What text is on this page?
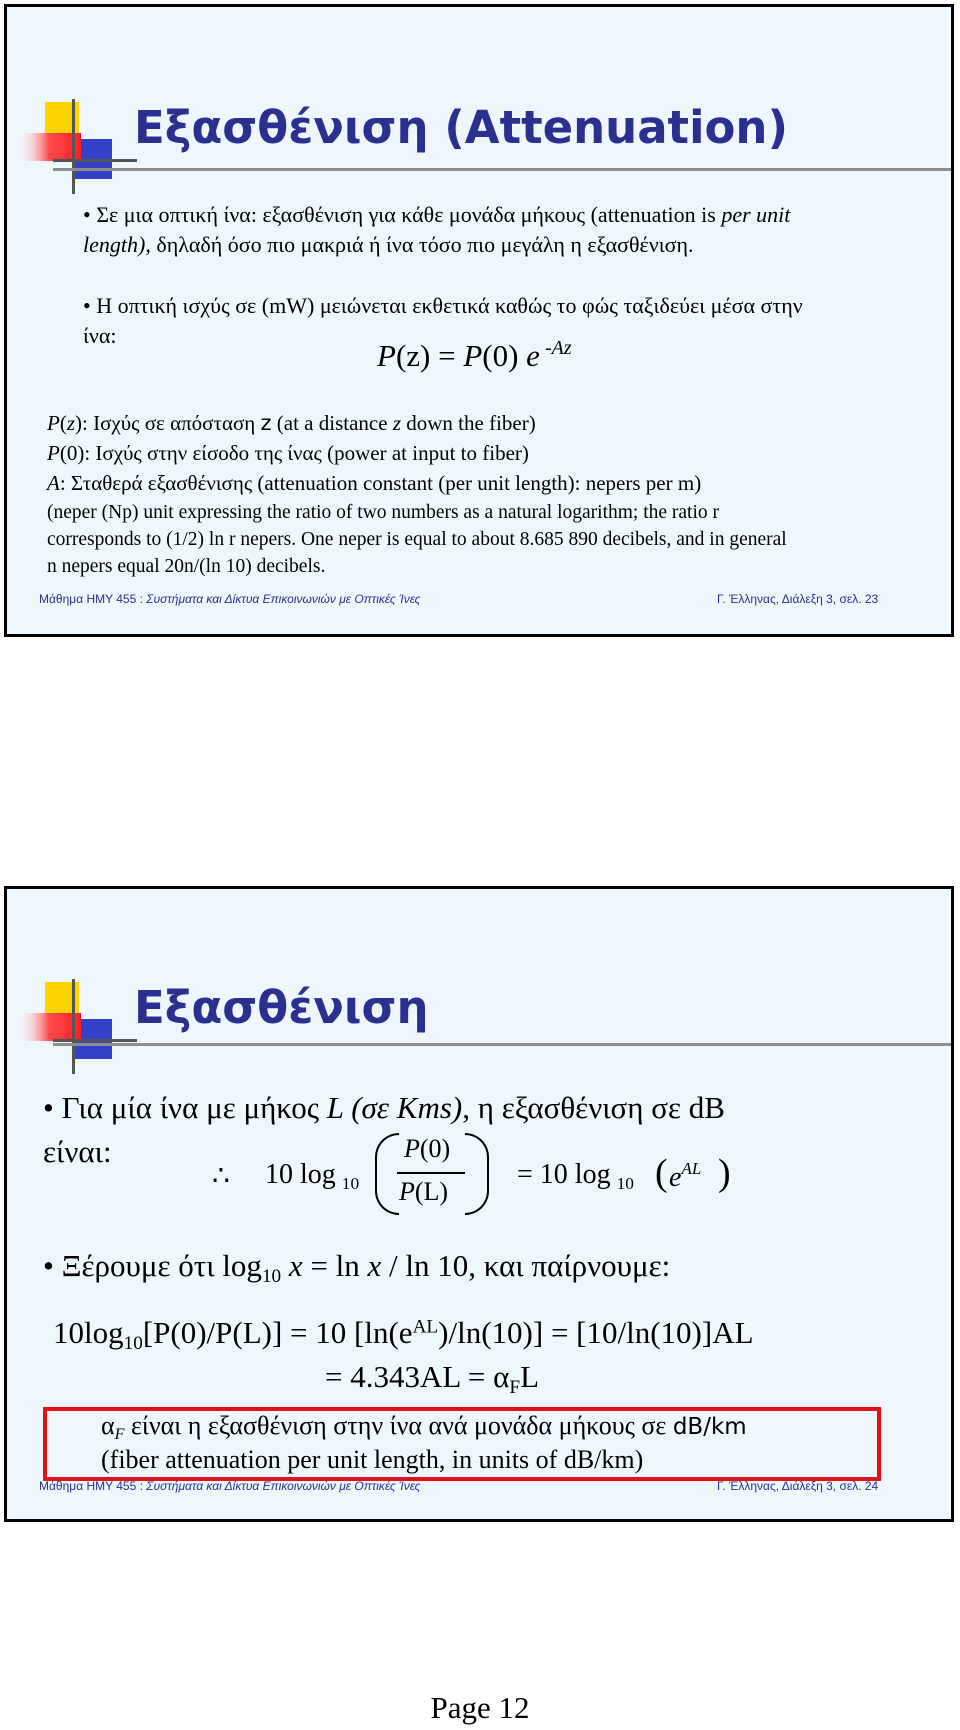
Εξασθένιση (Attenuation)
• Σε μια οπτική ίνα: εξασθένιση για κάθε μονάδα μήκους (attenuation is per unit
length), δηλαδή όσο πιο μακριά ή ίνα τόσο πιο μεγάλη η εξασθένιση.
• Η οπτική ισχύς σε (mW) μειώνεται εκθετικά καθώς το φώς ταξιδεύει μέσα στην
ίνα:
P(z) = P(0) e $^{-Az}$
P(z): Ισχύς σε απόσταση z (at a distance z down the fiber)
P(0): Ισχύς στην είσοδο της ίνας (power at input to fiber)
A: Σταθερά εξασθένισης (attenuation constant (per unit length): nepers per m)
(neper (Np) unit expressing the ratio of two numbers as a natural logarithm; the ratio r
corresponds to (1/2) ln r nepers. One neper is equal to about 8.685 890 decibels, and in general
n nepers equal 20n/(ln 10) decibels.
Μάθημα ΗΜΥ 455 : Συστήματα και Δίκτυα Επικοινωνιών με Οπτικές Ίνες	Γ. Έλληνας, Διάλεξη 3, σελ. 23
Εξασθένιση
• Για μία ίνα με μήκος L (σε Kms), η εξασθένιση σε dB
είναι:
∴ 10 log $_{10}$
P(0)
P(L)
= 10 log $_{10}$ ( $e^{AL}$ )
• Ξέρουμε ότι $\log_{10} x = \ln x / \ln 10$, και παίρνουμε:
$10\log_{10}[P(0)/P(L)] = 10$ $[\ln(e^{AL})/\ln(10)] = [10/\ln(10)]AL$
= $4.343AL = \alpha_FL$
$\alpha_F$ είναι η εξασθένιση στην ίνα ανά μονάδα μήκους σε dB/km
(fiber attenuation per unit length, in units of dB/km)
Μάθημα ΗΜΥ 455 : Συστήματα και Δίκτυα Επικοινωνιών με Οπτικές Ίνες	Γ. Έλληνας, Διάλεξη 3, σελ. 24
Page 12
